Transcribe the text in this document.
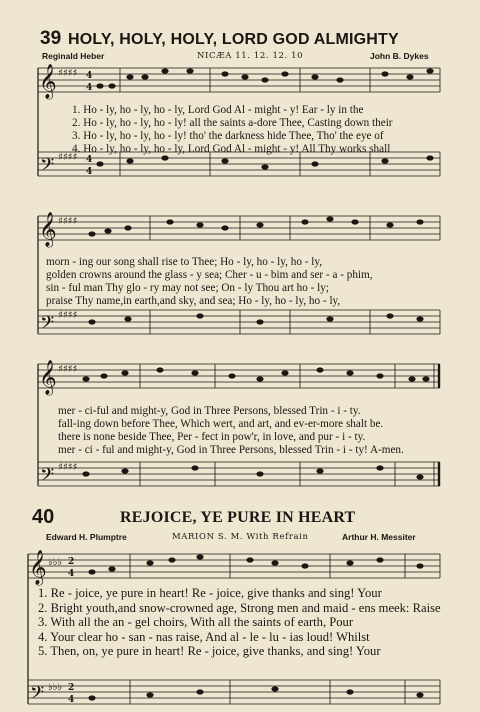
39 HOLY, HOLY, HOLY, LORD GOD ALMIGHTY
Reginald Heber	NICÆA 11. 12. 12. 10	John B. Dykes
𝄞
𝄢
♯♯♯♯
♯♯♯♯
4
4
4
4
1. Ho - ly, ho - ly, ho - ly, Lord God Al - might - y! Ear - ly in the
2. Ho - ly, ho - ly, ho - ly! all the saints a-dore Thee, Casting down their
3. Ho - ly, ho - ly, ho - ly! tho' the darkness hide Thee, Tho' the eye of
4. Ho - ly, ho - ly, ho - ly, Lord God Al - might - y! All Thy works shall
𝄞
𝄢
♯♯♯♯
♯♯♯♯
morn - ing our song shall rise to Thee; Ho - ly, ho - ly, ho - ly,
golden crowns around the glass - y sea; Cher - u - bim and ser - a - phim,
sin - ful man Thy glo - ry may not see; On - ly Thou art ho - ly;
praise Thy name,in earth,and sky, and sea; Ho - ly, ho - ly, ho - ly,
𝄞
𝄢
♯♯♯♯
♯♯♯♯
mer - ci-ful and might-y, God in Three Persons, blessed Trin - i - ty.
fall-ing down before Thee, Which wert, and art, and ev-er-more shalt be.
there is none beside Thee, Per - fect in pow'r, in love, and pur - i - ty.
mer - ci - ful and might-y, God in Three Persons, blessed Trin - i - ty! A-men.
40	REJOICE, YE PURE IN HEART
Edward H. Plumptre	MARION S. M. With Refrain	Arthur H. Messiter
𝄞
𝄢
♭♭♭
♭♭♭
2
4
2
4
1. Re - joice, ye pure in heart! Re - joice, give thanks and sing! Your
2. Bright youth,and snow-crowned age, Strong men and maid - ens meek: Raise
3. With all the an - gel choirs, With all the saints of earth, Pour
4. Your clear ho - san - nas raise, And al - le - lu - ias loud! Whilst
5. Then, on, ye pure in heart! Re - joice, give thanks, and sing! Your
